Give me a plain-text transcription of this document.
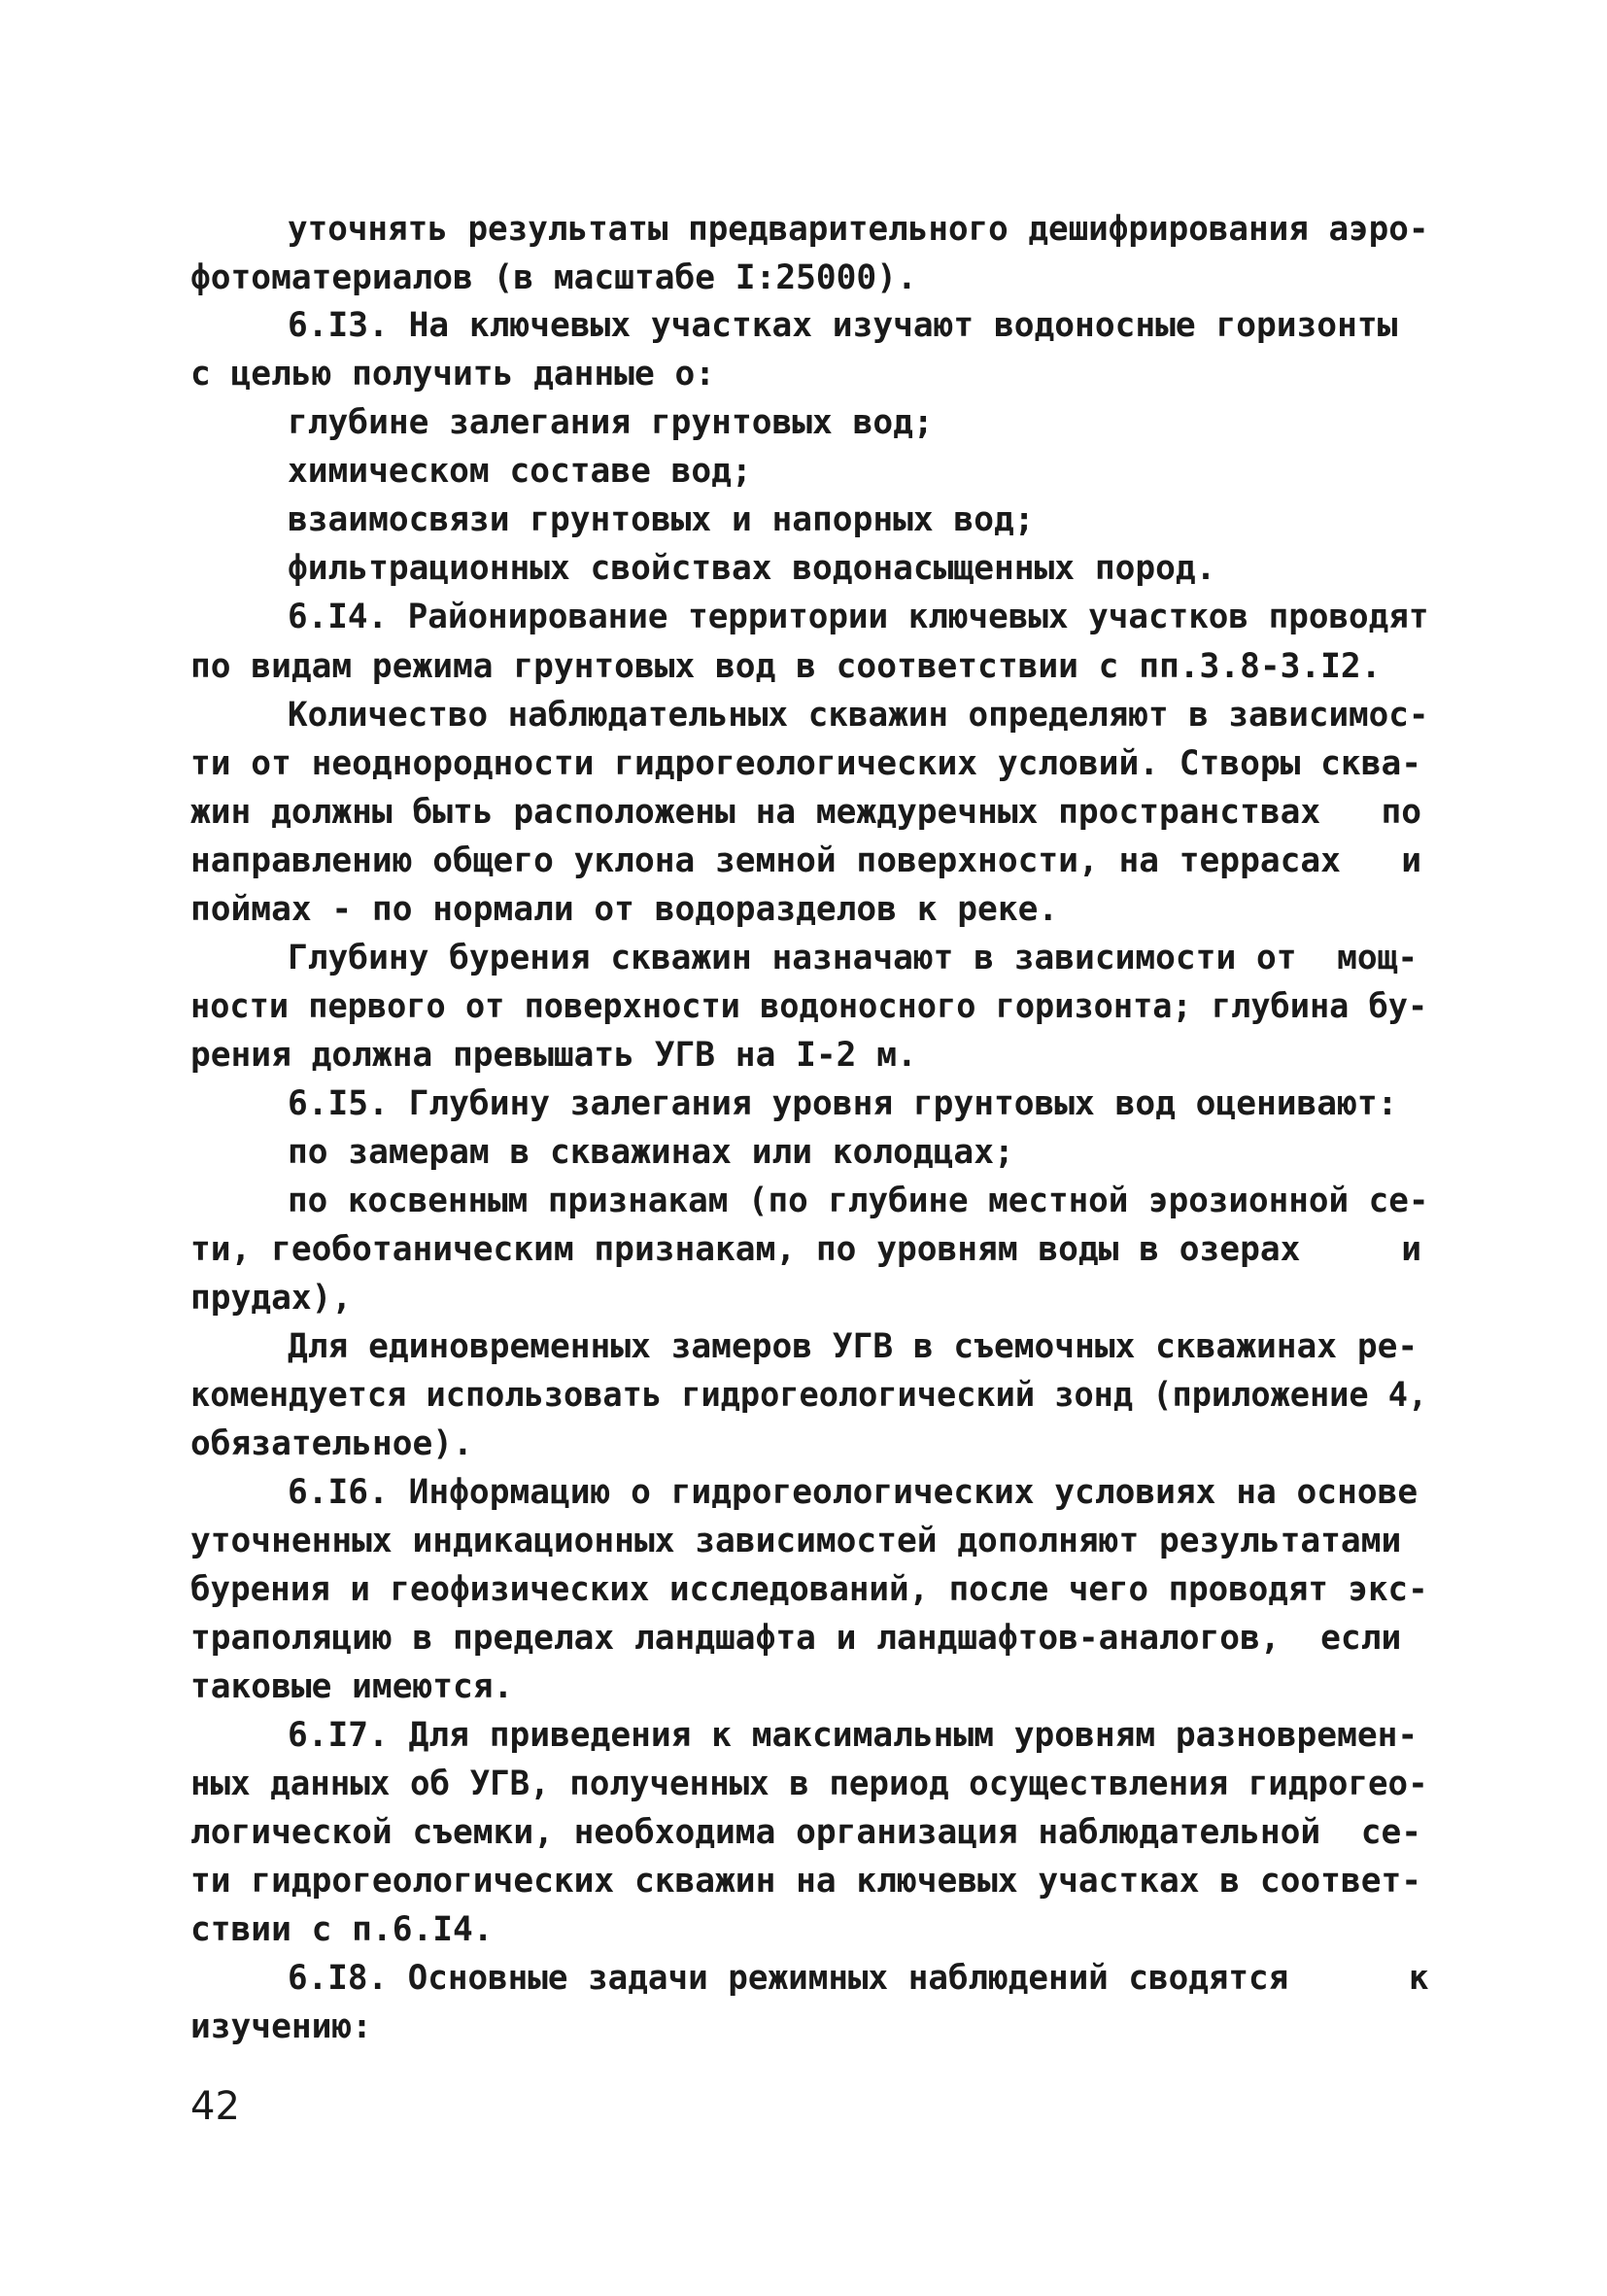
уточнять результаты предварительного дешифрирования аэро-
фотоматериалов (в масштабе I:25000).
6.I3. На ключевых участках изучают водоносные горизонты
с целью получить данные о:
глубине залегания грунтовых вод;
химическом составе вод;
взаимосвязи грунтовых и напорных вод;
фильтрационных свойствах водонасыщенных пород.
6.I4. Районирование территории ключевых участков проводят
по видам режима грунтовых вод в соответствии с пп.3.8-3.I2.
Количество наблюдательных скважин определяют в зависимос-
ти от неоднородности гидрогеологических условий. Створы сква-
жин должны быть расположены на междуречных пространствах   по
направлению общего уклона земной поверхности, на террасах   и
поймах - по нормали от водоразделов к реке.
Глубину бурения скважин назначают в зависимости от  мощ-
ности первого от поверхности водоносного горизонта; глубина бу-
рения должна превышать УГВ на I-2 м.
6.I5. Глубину залегания уровня грунтовых вод оценивают:
по замерам в скважинах или колодцах;
по косвенным признакам (по глубине местной эрозионной се-
ти, геоботаническим признакам, по уровням воды в озерах     и
прудах),
Для единовременных замеров УГВ в съемочных скважинах ре-
комендуется использовать гидрогеологический зонд (приложение 4,
обязательное).
6.I6. Информацию о гидрогеологических условиях на основе
уточненных индикационных зависимостей дополняют результатами
бурения и геофизических исследований, после чего проводят экс-
траполяцию в пределах ландшафта и ландшафтов-аналогов,  если
таковые имеются.
6.I7. Для приведения к максимальным уровням разновремен-
ных данных об УГВ, полученных в период осуществления гидрогео-
логической съемки, необходима организация наблюдательной  се-
ти гидрогеологических скважин на ключевых участках в соответ-
ствии с п.6.I4.
6.I8. Основные задачи режимных наблюдений сводятся      к
изучению:
42
